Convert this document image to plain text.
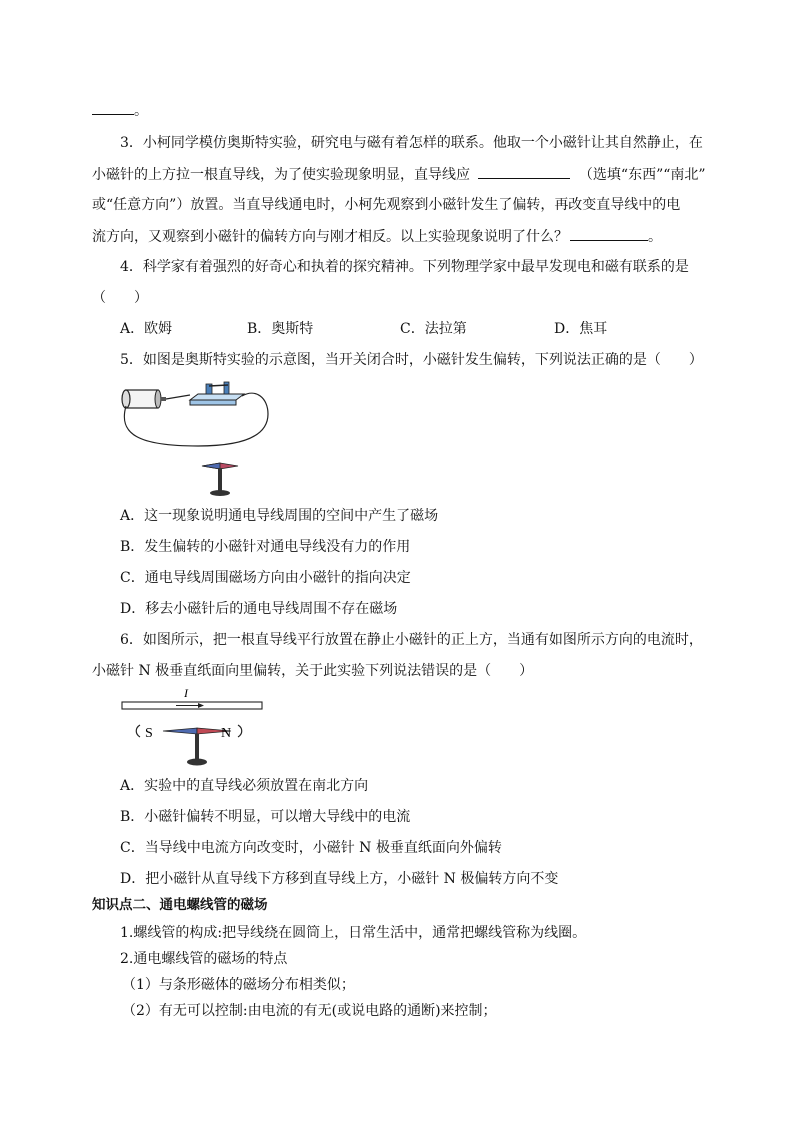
。
3．小柯同学模仿奥斯特实验，研究电与磁有着怎样的联系。他取一个小磁针让其自然静止，在
小磁针的上方拉一根直导线，为了使实验现象明显，直导线应	（选填“东西”“南北”
或“任意方向”）放置。当直导线通电时，小柯先观察到小磁针发生了偏转，再改变直导线中的电
流方向，又观察到小磁针的偏转方向与刚才相反。以上实验现象说明了什么？	。
4．科学家有着强烈的好奇心和执着的探究精神。下列物理学家中最早发现电和磁有联系的是
（　　）
A．欧姆	B．奥斯特	C．法拉第	D．焦耳
5．如图是奥斯特实验的示意图，当开关闭合时，小磁针发生偏转，下列说法正确的是（　　）
A．这一现象说明通电导线周围的空间中产生了磁场
B．发生偏转的小磁针对通电导线没有力的作用
C．通电导线周围磁场方向由小磁针的指向决定
D．移去小磁针后的通电导线周围不存在磁场
6．如图所示，把一根直导线平行放置在静止小磁针的正上方，当通有如图所示方向的电流时，
小磁针 N 极垂直纸面向里偏转，关于此实验下列说法错误的是（　　）
I
S	N
A．实验中的直导线必须放置在南北方向
B．小磁针偏转不明显，可以增大导线中的电流
C．当导线中电流方向改变时，小磁针 N 极垂直纸面向外偏转
D．把小磁针从直导线下方移到直导线上方，小磁针 N 极偏转方向不变
知识点二、通电螺线管的磁场
1.螺线管的构成:把导线绕在圆筒上，日常生活中，通常把螺线管称为线圈。
2.通电螺线管的磁场的特点
（1）与条形磁体的磁场分布相类似；
（2）有无可以控制:由电流的有无(或说电路的通断)来控制；
